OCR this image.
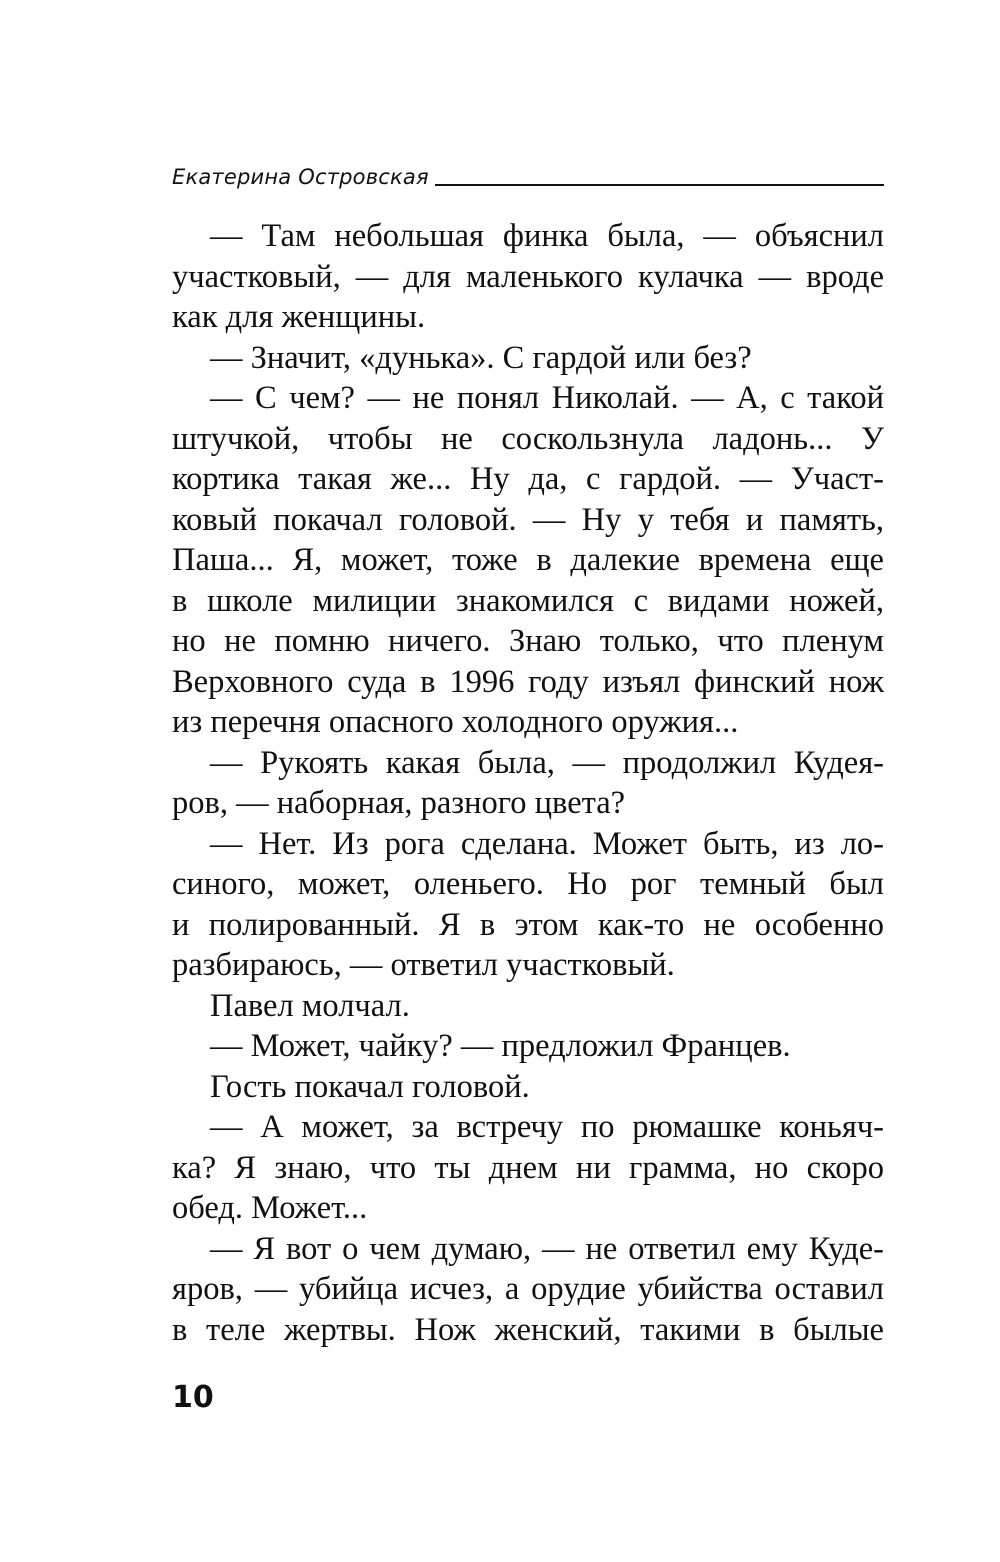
Екатерина Островская
— Там небольшая финка была, — объяснил
участковый, — для маленького кулачка — вроде
как для женщины.
— Значит, «дунька». С гардой или без?
— С чем? — не понял Николай. — А, с такой
штучкой, чтобы не соскользнула ладонь... У
кортика такая же... Ну да, с гардой. — Участ-
ковый покачал головой. — Ну у тебя и память,
Паша... Я, может, тоже в далекие времена еще
в школе милиции знакомился с видами ножей,
но не помню ничего. Знаю только, что пленум
Верховного суда в 1996 году изъял финский нож
из перечня опасного холодного оружия...
— Рукоять какая была, — продолжил Кудея-
ров, — наборная, разного цвета?
— Нет. Из рога сделана. Может быть, из ло-
синого, может, оленьего. Но рог темный был
и полированный. Я в этом как-то не особенно
разбираюсь, — ответил участковый.
Павел молчал.
— Может, чайку? — предложил Францев.
Гость покачал головой.
— А может, за встречу по рюмашке коньяч-
ка? Я знаю, что ты днем ни грамма, но скоро
обед. Может...
— Я вот о чем думаю, — не ответил ему Куде-
яров, — убийца исчез, а орудие убийства оставил
в теле жертвы. Нож женский, такими в былые
10
